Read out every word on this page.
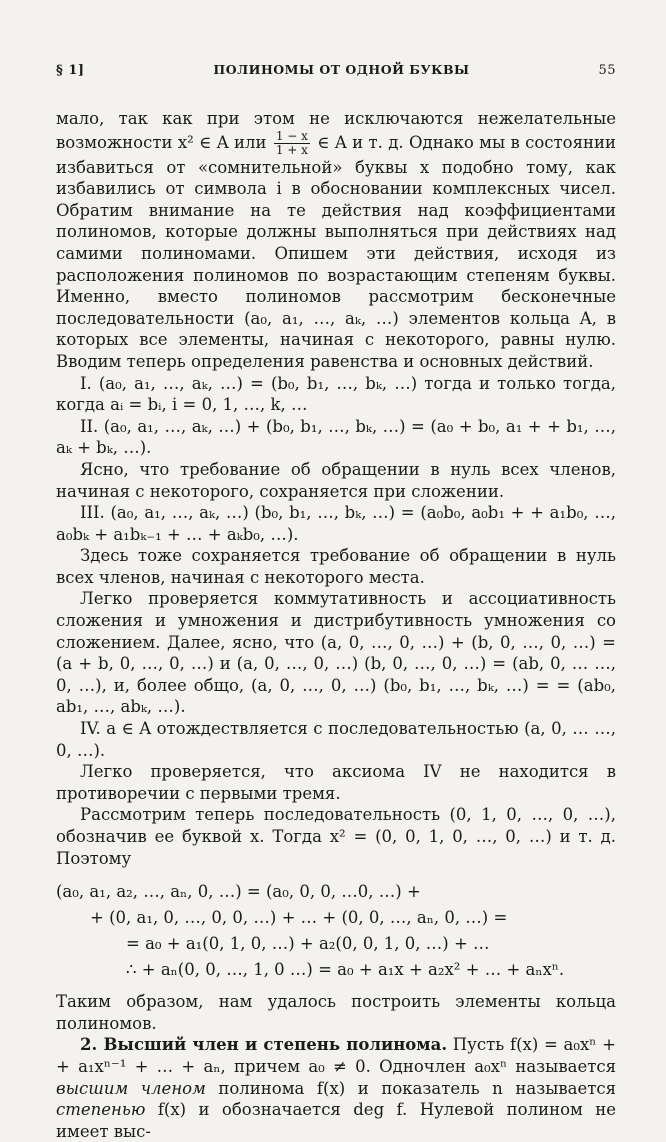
§ 1]	ПОЛИНОМЫ ОТ ОДНОЙ БУКВЫ	55

мало, так как при этом не исключаются нежелательные возможности x² ∈ A или $\frac{1 - x}{1 + x}$ ∈ A и т. д. Однако мы в состоянии избавиться от «сомнительной» буквы x подобно тому, как избавились от символа i в обосновании комплексных чисел. Обратим внимание на те действия над коэффициентами полиномов, которые должны выполняться при действиях над самими полиномами. Опишем эти действия, исходя из расположения полиномов по возрастающим степеням буквы. Именно, вместо полиномов рассмотрим бесконечные последовательности (a₀, a₁, …, aₖ, …) элементов кольца A, в которых все элементы, начиная с некоторого, равны нулю. Вводим теперь определения равенства и основных действий.

I. (a₀, a₁, …, aₖ, …) = (b₀, b₁, …, bₖ, …) тогда и только тогда, когда aᵢ = bᵢ, i = 0, 1, …, k, …

II. (a₀, a₁, …, aₖ, …) + (b₀, b₁, …, bₖ, …) = (a₀ + b₀, a₁ + + b₁, …, aₖ + bₖ, …).

Ясно, что требование об обращении в нуль всех членов, начиная с некоторого, сохраняется при сложении.

III. (a₀, a₁, …, aₖ, …) (b₀, b₁, …, bₖ, …) = (a₀b₀, a₀b₁ + + a₁b₀, …, a₀bₖ + a₁bₖ₋₁ + … + aₖb₀, …).

Здесь тоже сохраняется требование об обращении в нуль всех членов, начиная с некоторого места.

Легко проверяется коммутативность и ассоциативность сложения и умножения и дистрибутивность умножения со сложением. Далее, ясно, что (a, 0, …, 0, …) + (b, 0, …, 0, …) = (a + b, 0, …, 0, …) и (a, 0, …, 0, …) (b, 0, …, 0, …) = (ab, 0, … …, 0, …), и, более общо, (a, 0, …, 0, …) (b₀, b₁, …, bₖ, …) = = (ab₀, ab₁, …, abₖ, …).

IV. a ∈ A отождествляется с последовательностью (a, 0, … …, 0, …).

Легко проверяется, что аксиома IV не находится в противоречии с первыми тремя.

Рассмотрим теперь последовательность (0, 1, 0, …, 0, …), обозначив ее буквой x. Тогда x² = (0, 0, 1, 0, …, 0, …) и т. д. Поэтому

(a₀, a₁, a₂, …, aₙ, 0, …) = (a₀, 0, 0, …0, …) +
+ (0, a₁, 0, …, 0, 0, …) + … + (0, 0, …, aₙ, 0, …) =
= a₀ + a₁(0, 1, 0, …) + a₂(0, 0, 1, 0, …) + …
∴ + aₙ(0, 0, …, 1, 0 …) = a₀ + a₁x + a₂x² + … + aₙxⁿ.

Таким образом, нам удалось построить элементы кольца полиномов.

2. Высший член и степень полинома. Пусть f(x) = a₀xⁿ + + a₁xⁿ⁻¹ + … + aₙ, причем a₀ ≠ 0. Одночлен a₀xⁿ называется высшим членом полинома f(x) и показатель n называется степенью f(x) и обозначается deg f. Нулевой полином не имеет выс-
